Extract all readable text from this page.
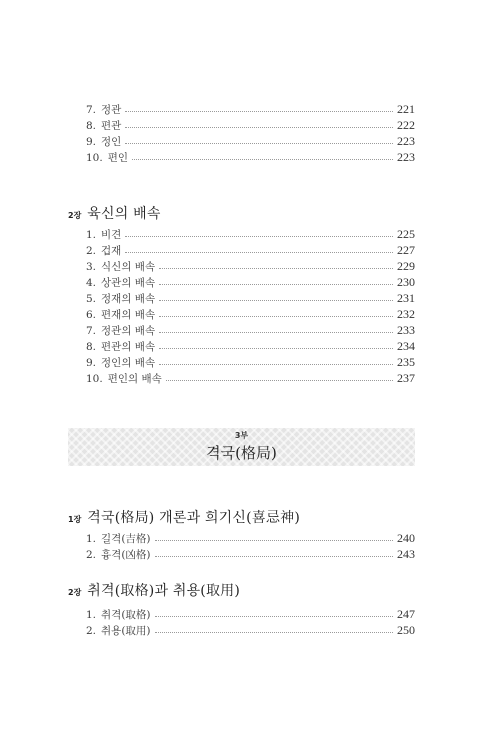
7. 정관	221
8. 편관	222
9. 정인	223
10. 편인	223
2장 육신의 배속
1. 비견	225
2. 겁재	227
3. 식신의 배속	229
4. 상관의 배속	230
5. 정재의 배속	231
6. 편재의 배속	232
7. 정관의 배속	233
8. 편관의 배속	234
9. 정인의 배속	235
10. 편인의 배속	237
3부
격국(格局)
1장 격국(格局) 개론과 희기신(喜忌神)
1. 길격(吉格)	240
2. 흉격(凶格)	243
2장 취격(取格)과 취용(取用)
1. 취격(取格)	247
2. 취용(取用)	250
